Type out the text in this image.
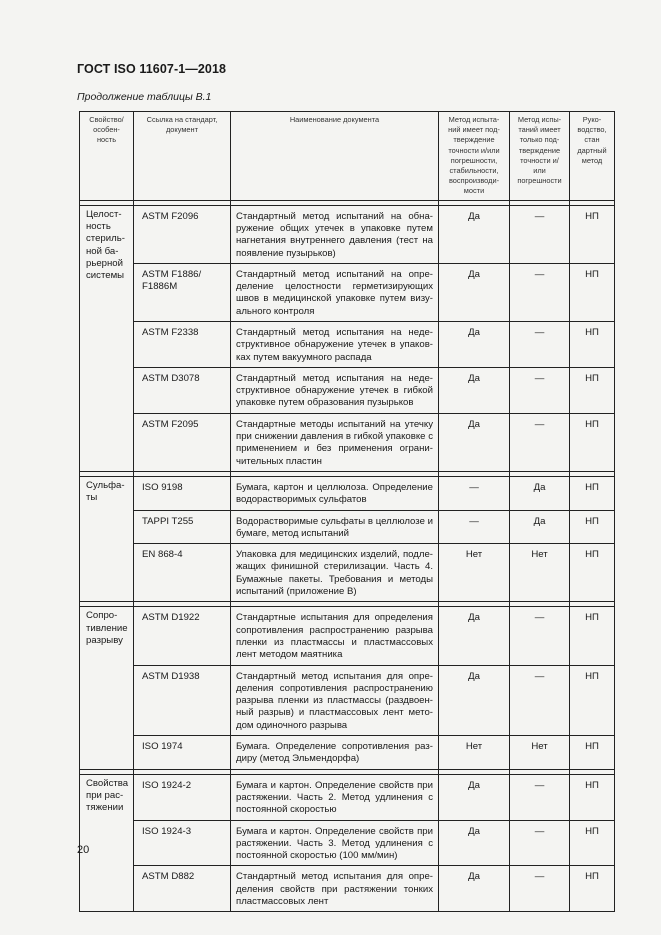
ГОСТ ISO 11607-1—2018
Продолжение таблицы В.1
Свойство/ особен- ность	Ссылка на стандарт, документ	Наименование документа	Метод испыта- ний имеет под- тверждение точности и/или погрешности, стабильности, воспроизводи- мости	Метод испы- таний имеет только под- тверждение точности и/или погрешности	Руко- водство, стан дартный метод

Целост- ность стериль- ной ба- рьерной системы	ASTM F2096	Стандартный метод испытаний на обнаружение общих утечек в упаковке путем нагнетания внутреннего давления (тест на появление пузырьков)	Да	—	НП
	ASTM F1886/ F1886M	Стандартный метод испытаний на определение целостности герметизирующих швов в медицинской упаковке путем визуального контроля	Да	—	НП
	ASTM F2338	Стандартный метод испытания на недеструктивное обнаружение утечек в упаковках путем вакуумного распада	Да	—	НП
	ASTM D3078	Стандартный метод испытания на недеструктивное обнаружение утечек в гибкой упаковке путем образования пузырьков	Да	—	НП
	ASTM F2095	Стандартные методы испытаний на утечку при снижении давления в гибкой упаковке с применением и без применения ограничительных пластин	Да	—	НП

Сульфа- ты	ISO 9198	Бумага, картон и целлюлоза. Определение водорастворимых сульфатов	—	Да	НП
	TAPPI T255	Водорастворимые сульфаты в целлюлозе и бумаге, метод испытаний	—	Да	НП
	EN 868-4	Упаковка для медицинских изделий, подлежащих финишной стерилизации. Часть 4. Бумажные пакеты. Требования и методы испытаний (приложение В)	Нет	Нет	НП

Сопро- тивление разрыву	ASTM D1922	Стандартные испытания для определения сопротивления распространению разрыва пленки из пластмассы и пластмассовых лент методом маятника	Да	—	НП
	ASTM D1938	Стандартный метод испытания для определения сопротивления распространению разрыва пленки из пластмассы (раздвоенный разрыв) и пластмассовых лент методом одиночного разрыва	Да	—	НП
	ISO 1974	Бумага. Определение сопротивления раздиру (метод Эльмендорфа)	Нет	Нет	НП

Свойства при рас- тяжении	ISO 1924-2	Бумага и картон. Определение свойств при растяжении. Часть 2. Метод удлинения с постоянной скоростью	Да	—	НП
	ISO 1924-3	Бумага и картон. Определение свойств при растяжении. Часть 3. Метод удлинения с постоянной скоростью (100 мм/мин)	Да	—	НП
	ASTM D882	Стандартный метод испытания для определения свойств при растяжении тонких пластмассовых лент	Да	—	НП
20
